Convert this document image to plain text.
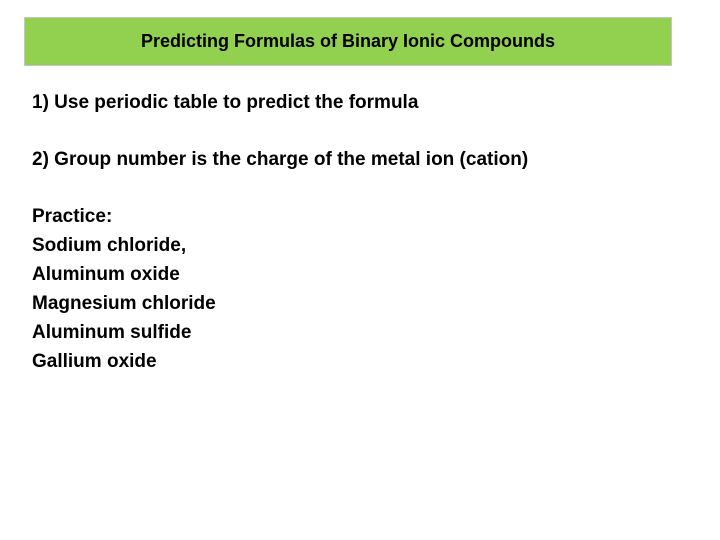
Predicting Formulas of Binary Ionic Compounds
1) Use periodic table to predict the formula
2) Group number is the charge of the metal ion (cation)
Practice:
Sodium chloride,
Aluminum oxide
Magnesium chloride
Aluminum sulfide
Gallium oxide
